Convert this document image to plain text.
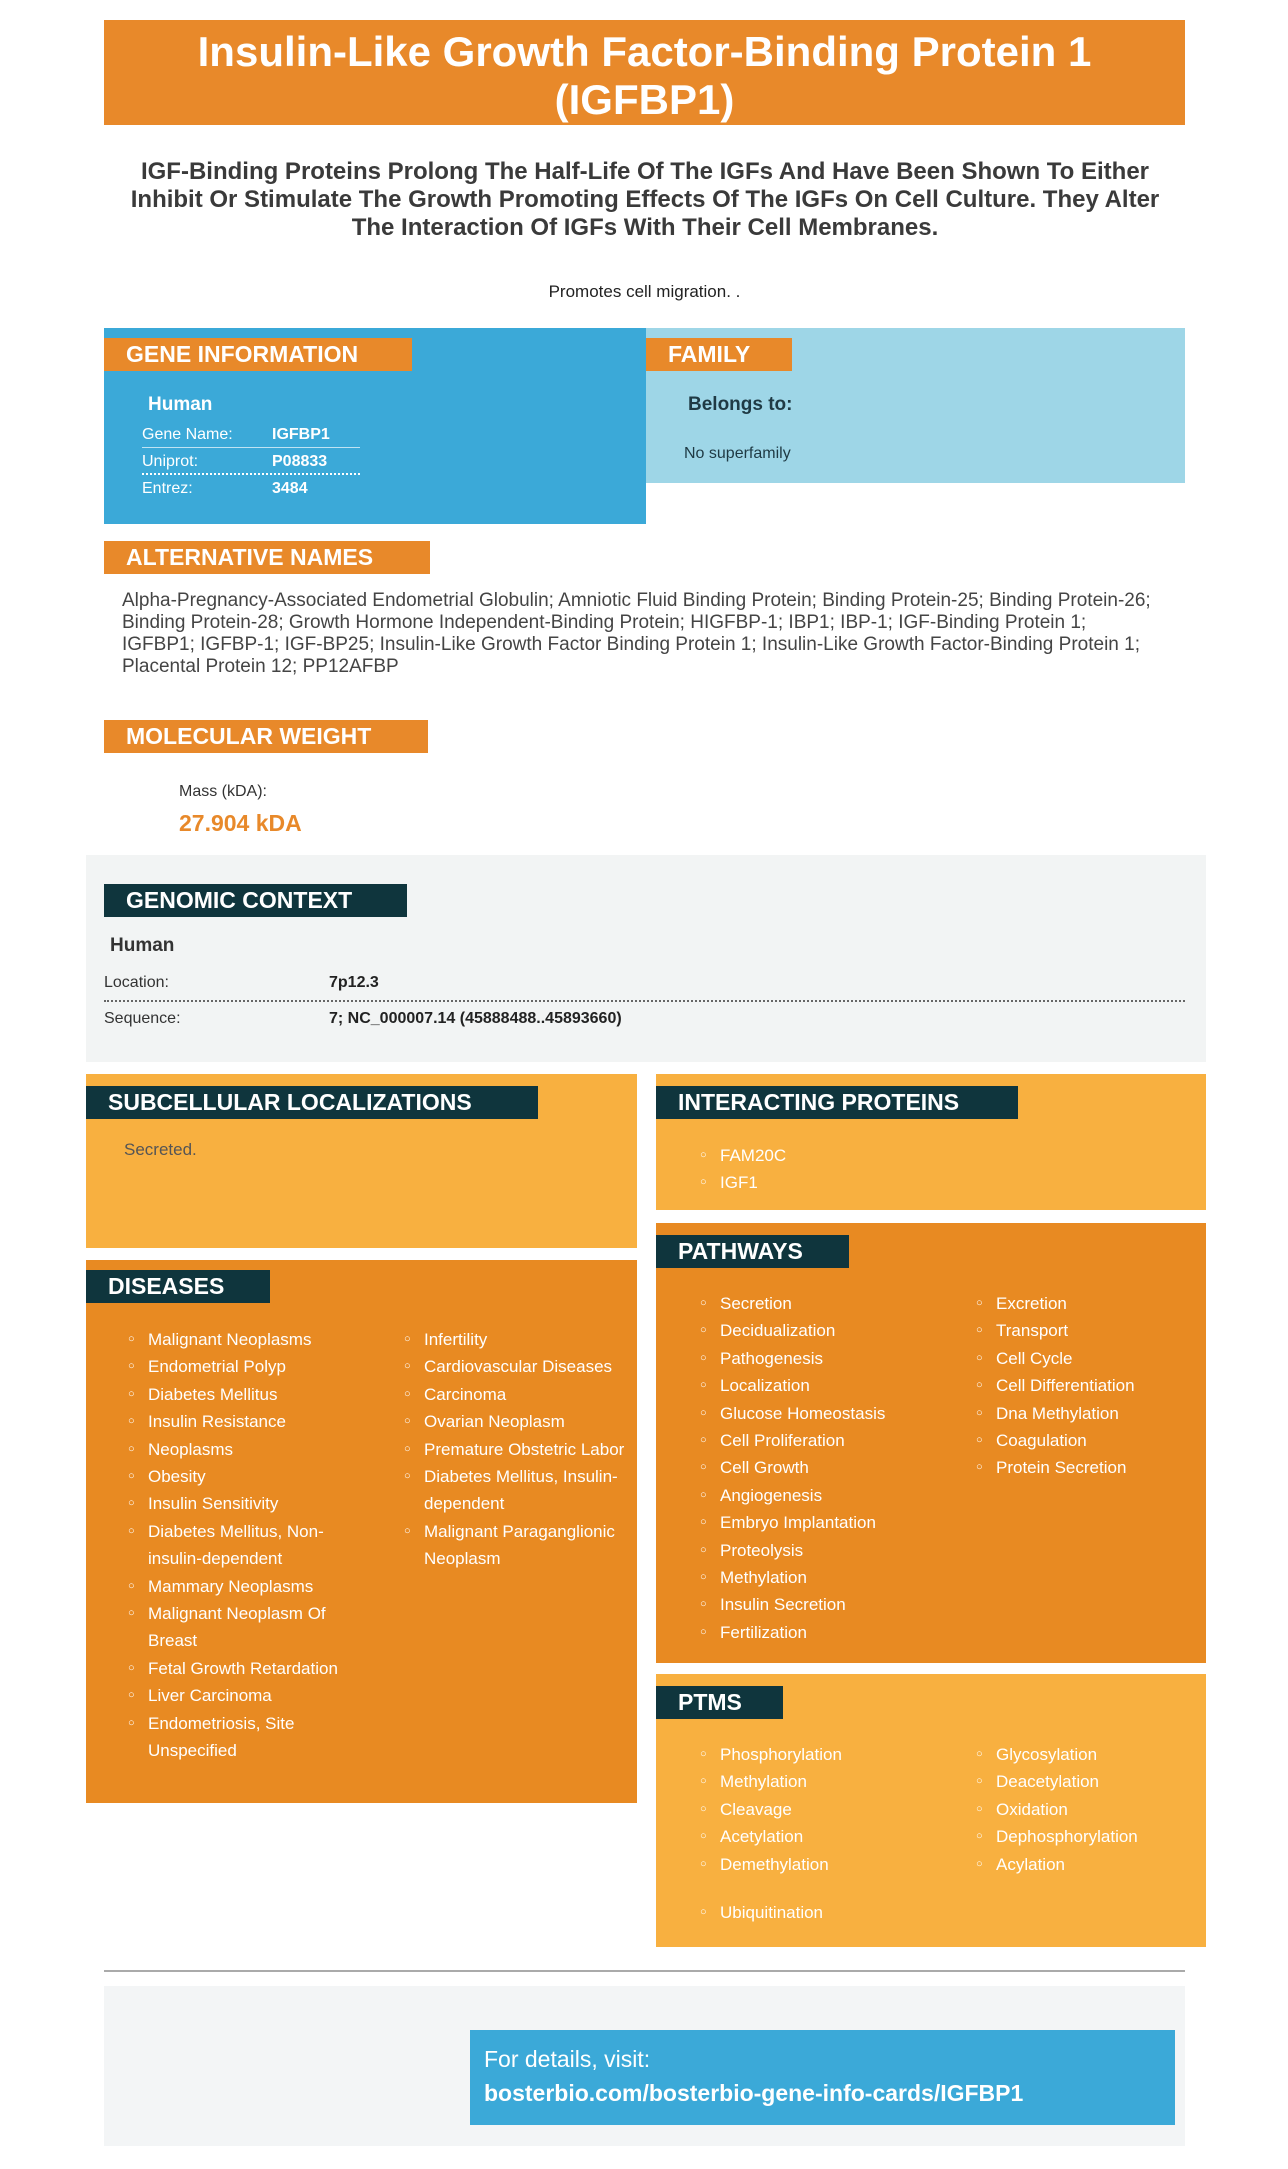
Insulin-Like Growth Factor-Binding Protein 1 (IGFBP1)
IGF-Binding Proteins Prolong The Half-Life Of The IGFs And Have Been Shown To Either Inhibit Or Stimulate The Growth Promoting Effects Of The IGFs On Cell Culture. They Alter The Interaction Of IGFs With Their Cell Membranes.
Promotes cell migration. .
GENE INFORMATION
Human
Gene Name: IGFBP1
Uniprot:	P08833
Entrez:	3484
FAMILY
Belongs to:
No superfamily
ALTERNATIVE NAMES
Alpha-Pregnancy-Associated Endometrial Globulin; Amniotic Fluid Binding Protein; Binding Protein-25; Binding Protein-26; Binding Protein-28; Growth Hormone Independent-Binding Protein; HIGFBP-1; IBP1; IBP-1; IGF-Binding Protein 1; IGFBP1; IGFBP-1; IGF-BP25; Insulin-Like Growth Factor Binding Protein 1; Insulin-Like Growth Factor-Binding Protein 1; Placental Protein 12; PP12AFBP
MOLECULAR WEIGHT
Mass (kDA):
27.904 kDA
GENOMIC CONTEXT
Human
Location:	7p12.3
Sequence:	7; NC_000007.14 (45888488..45893660)
SUBCELLULAR LOCALIZATIONS
Secreted.
INTERACTING PROTEINS
○ FAM20C
○ IGF1
DISEASES
○ Malignant Neoplasms
○ Endometrial Polyp
○ Diabetes Mellitus
○ Insulin Resistance
○ Neoplasms
○ Obesity
○ Insulin Sensitivity
○ Diabetes Mellitus, Non-insulin-dependent
○ Mammary Neoplasms
○ Malignant Neoplasm Of Breast
○ Fetal Growth Retardation
○ Liver Carcinoma
○ Endometriosis, Site Unspecified
○ Infertility
○ Cardiovascular Diseases
○ Carcinoma
○ Ovarian Neoplasm
○ Premature Obstetric Labor
○ Diabetes Mellitus, Insulin-dependent
○ Malignant Paraganglionic Neoplasm
PATHWAYS
○ Secretion
○ Decidualization
○ Pathogenesis
○ Localization
○ Glucose Homeostasis
○ Cell Proliferation
○ Cell Growth
○ Angiogenesis
○ Embryo Implantation
○ Proteolysis
○ Methylation
○ Insulin Secretion
○ Fertilization
○ Excretion
○ Transport
○ Cell Cycle
○ Cell Differentiation
○ Dna Methylation
○ Coagulation
○ Protein Secretion
PTMS
○ Phosphorylation
○ Methylation
○ Cleavage
○ Acetylation
○ Demethylation
○ Glycosylation
○ Deacetylation
○ Oxidation
○ Dephosphorylation
○ Acylation
○ Ubiquitination
For details, visit:
bosterbio.com/bosterbio-gene-info-cards/IGFBP1
